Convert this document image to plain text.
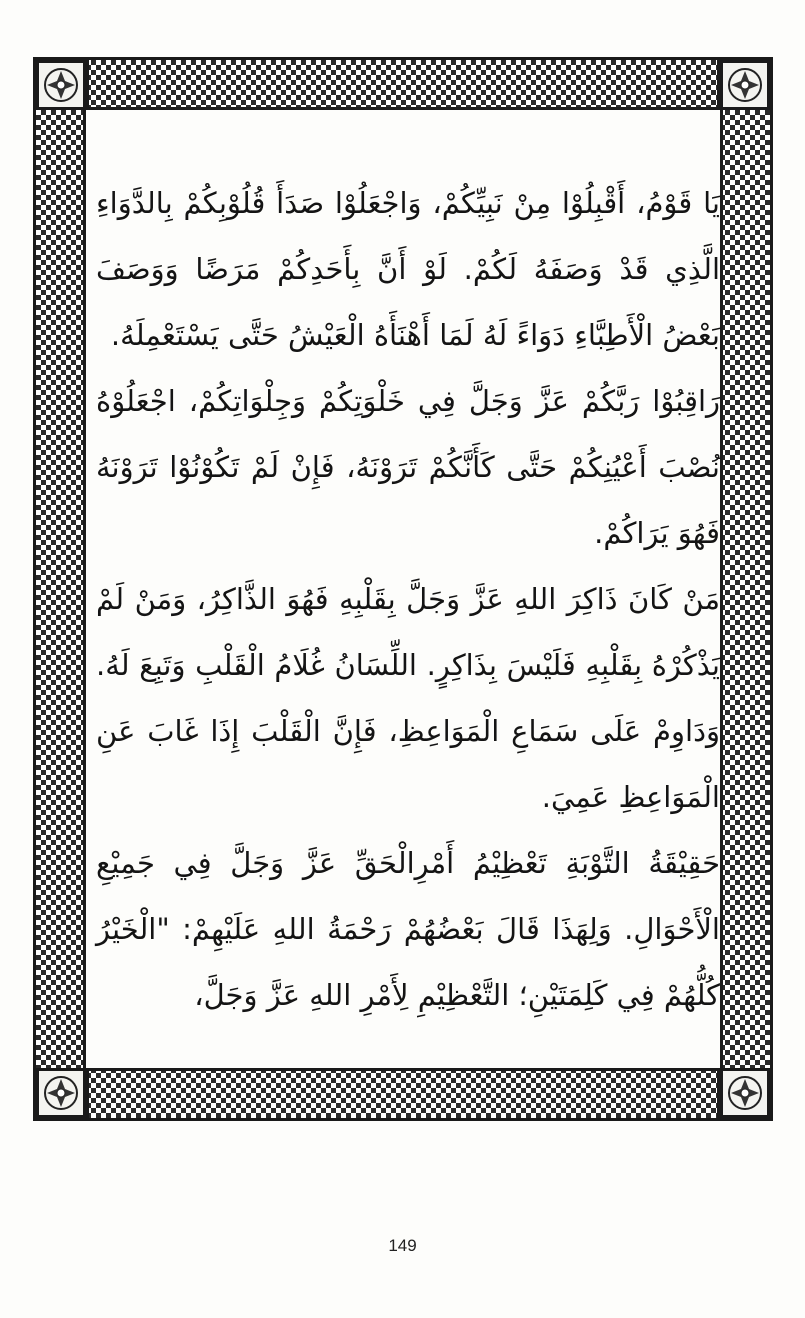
يَا قَوْمُ، أَقْبِلُوْا مِنْ نَبِيِّكُمْ، وَاجْعَلُوْا صَدَأَ قُلُوْبِكُمْ بِالدَّوَاءِ الَّذِي قَدْ وَصَفَهُ لَكُمْ. لَوْ أَنَّ بِأَحَدِكُمْ مَرَضًا وَوَصَفَ بَعْضُ الْأَطِبَّاءِ دَوَاءً لَهُ لَمَا أَهْنَأَهُ الْعَيْشُ حَتَّى يَسْتَعْمِلَهُ.

رَاقِبُوْا رَبَّكُمْ عَزَّ وَجَلَّ فِي خَلْوَتِكُمْ وَجِلْوَاتِكُمْ، اجْعَلُوْهُ نُصْبَ أَعْيُنِكُمْ حَتَّى كَأَنَّكُمْ تَرَوْنَهُ، فَإِنْ لَمْ تَكُوْنُوْا تَرَوْنَهُ فَهُوَ يَرَاكُمْ.

مَنْ كَانَ ذَاكِرَ اللهِ عَزَّ وَجَلَّ بِقَلْبِهِ فَهُوَ الذَّاكِرُ، وَمَنْ لَمْ يَذْكُرْهُ بِقَلْبِهِ فَلَيْسَ بِذَاكِرٍ. اللِّسَانُ غُلَامُ الْقَلْبِ وَتَبِعَ لَهُ. وَدَاوِمْ عَلَى سَمَاعِ الْمَوَاعِظِ، فَإِنَّ الْقَلْبَ إِذَا غَابَ عَنِ الْمَوَاعِظِ عَمِيَ.

حَقِيْقَةُ التَّوْبَةِ تَعْظِيْمُ أَمْرِالْحَقِّ عَزَّ وَجَلَّ فِي جَمِيْعِ الْأَحْوَالِ. وَلِهَذَا قَالَ بَعْضُهُمْ رَحْمَةُ اللهِ عَلَيْهِمْ: "الْخَيْرُ كُلُّهُمْ فِي كَلِمَتَيْنِ؛ التَّعْظِيْمِ لِأَمْرِ اللهِ عَزَّ وَجَلَّ،

149
